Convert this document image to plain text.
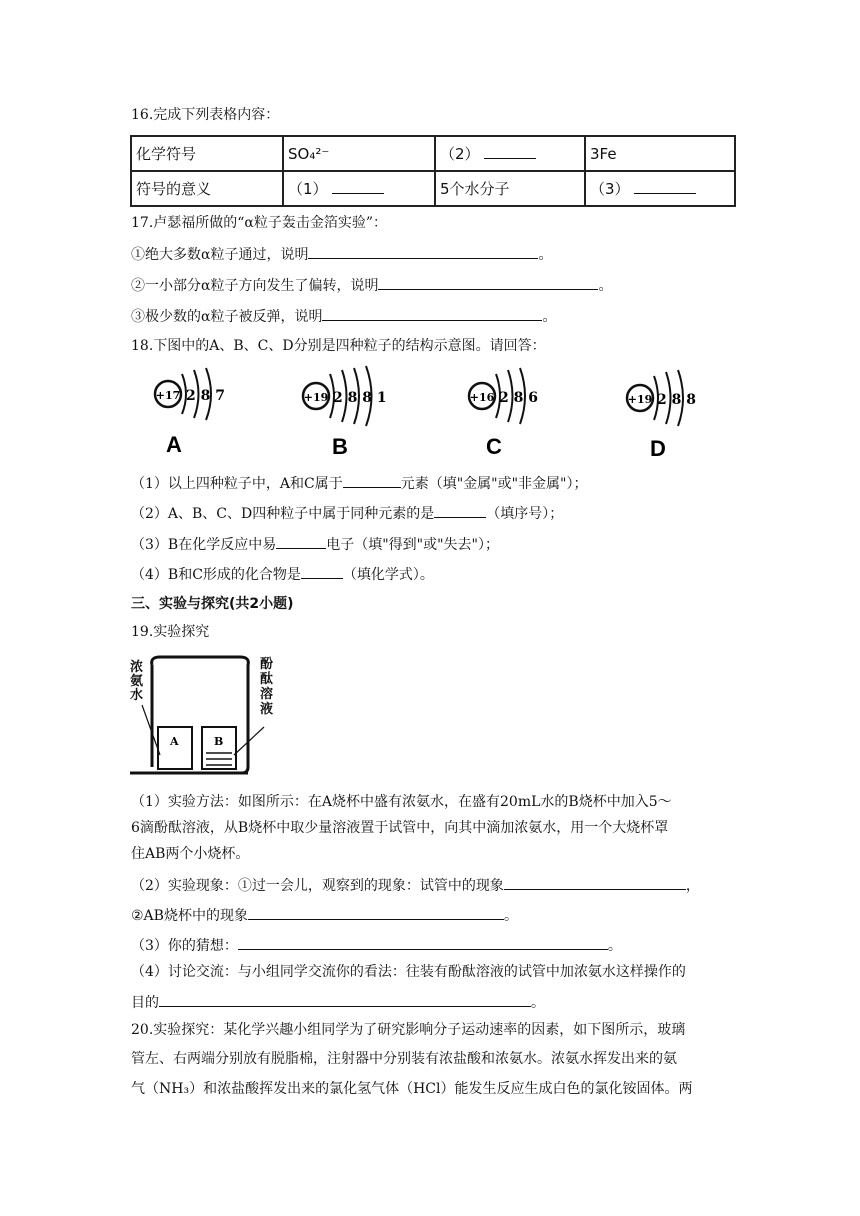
16.完成下列表格内容：
化学符号	SO₄²⁻	（2）	3Fe
符号的意义	（1）	5个水分子	（3）
17.卢瑟福所做的“α粒子轰击金箔实验”：
①绝大多数α粒子通过，说明	。
②一小部分α粒子方向发生了偏转，说明	。
③极少数的α粒子被反弹，说明	。
18.下图中的A、B、C、D分别是四种粒子的结构示意图。请回答：
+17 2 8 7
A
+19 2 8 8 1
B
+16 2 8 6
C
+19 2 8 8
D
（1）以上四种粒子中，A和C属于	元素（填"金属"或"非金属"）；
（2）A、B、C、D四种粒子中属于同种元素的是	（填序号）；
（3）B在化学反应中易	电子（填"得到"或"失去"）；
（4）B和C形成的化合物是	（填化学式）。
三、实验与探究(共2小题)
19.实验探究
A	B
浓氨水
酚酞溶液
（1）实验方法：如图所示：在A烧杯中盛有浓氨水，在盛有20mL水的B烧杯中加入5～
6滴酚酞溶液，从B烧杯中取少量溶液置于试管中，向其中滴加浓氨水，用一个大烧杯罩
住AB两个小烧杯。
（2）实验现象：①过一会儿，观察到的现象：试管中的现象	，
②AB烧杯中的现象	。
（3）你的猜想：	。
（4）讨论交流：与小组同学交流你的看法：往装有酚酞溶液的试管中加浓氨水这样操作的
目的	。
20.实验探究：某化学兴趣小组同学为了研究影响分子运动速率的因素，如下图所示，玻璃
管左、右两端分别放有脱脂棉，注射器中分别装有浓盐酸和浓氨水。浓氨水挥发出来的氨
气（NH₃）和浓盐酸挥发出来的氯化氢气体（HCl）能发生反应生成白色的氯化铵固体。两
